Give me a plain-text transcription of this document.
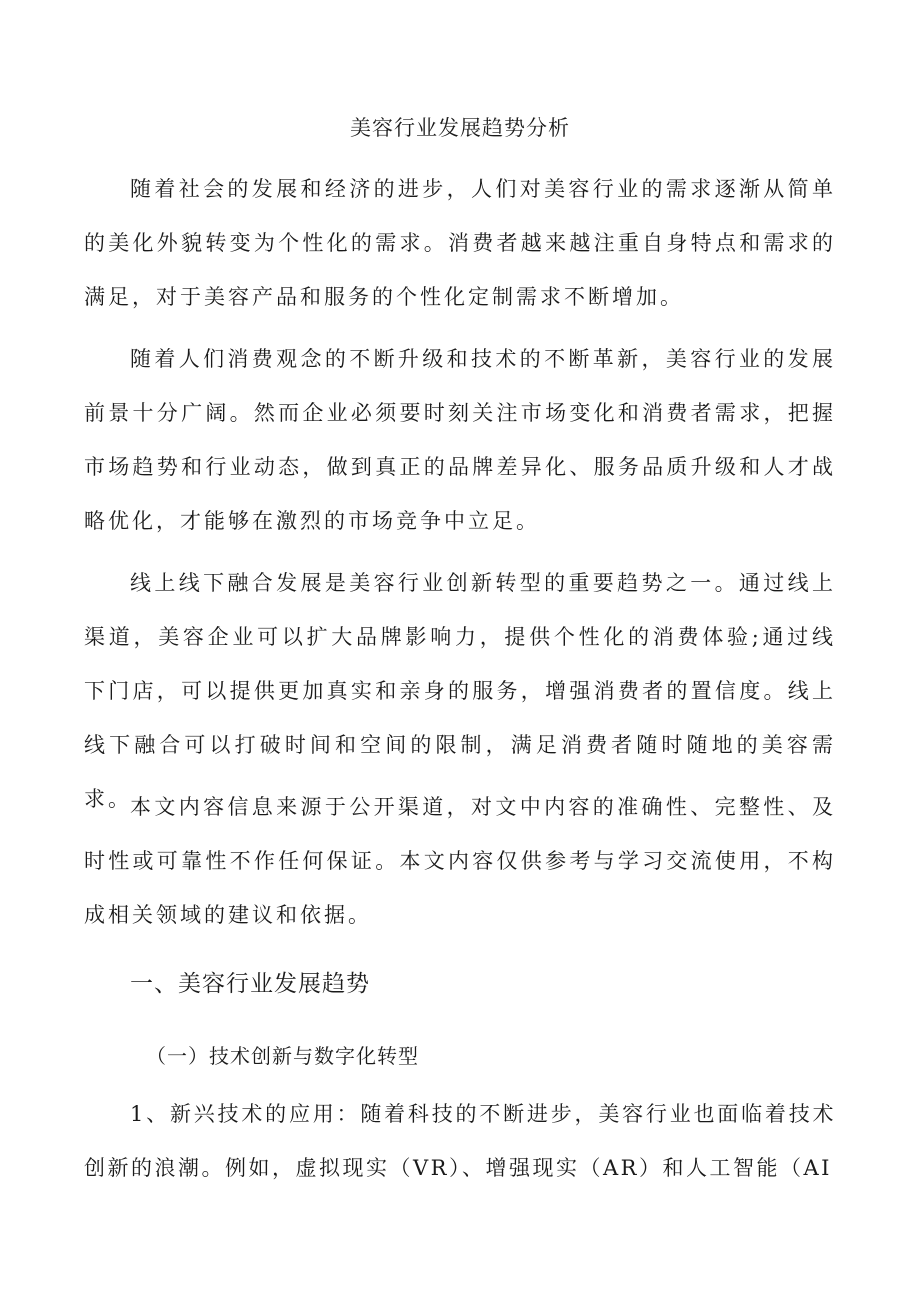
美容行业发展趋势分析

随着社会的发展和经济的进步，人们对美容行业的需求逐渐从简单的美化外貌转变为个性化的需求。消费者越来越注重自身特点和需求的满足，对于美容产品和服务的个性化定制需求不断增加。

随着人们消费观念的不断升级和技术的不断革新，美容行业的发展前景十分广阔。然而企业必须要时刻关注市场变化和消费者需求，把握市场趋势和行业动态，做到真正的品牌差异化、服务品质升级和人才战略优化，才能够在激烈的市场竞争中立足。

线上线下融合发展是美容行业创新转型的重要趋势之一。通过线上渠道，美容企业可以扩大品牌影响力，提供个性化的消费体验;通过线下门店，可以提供更加真实和亲身的服务，增强消费者的置信度。线上线下融合可以打破时间和空间的限制，满足消费者随时随地的美容需求。

本文内容信息来源于公开渠道，对文中内容的准确性、完整性、及时性或可靠性不作任何保证。本文内容仅供参考与学习交流使用，不构成相关领域的建议和依据。

一、美容行业发展趋势
（一）技术创新与数字化转型

1、新兴技术的应用：随着科技的不断进步，美容行业也面临着技术创新的浪潮。例如，虚拟现实（VR）、增强现实（AR）和人工智能（AI
